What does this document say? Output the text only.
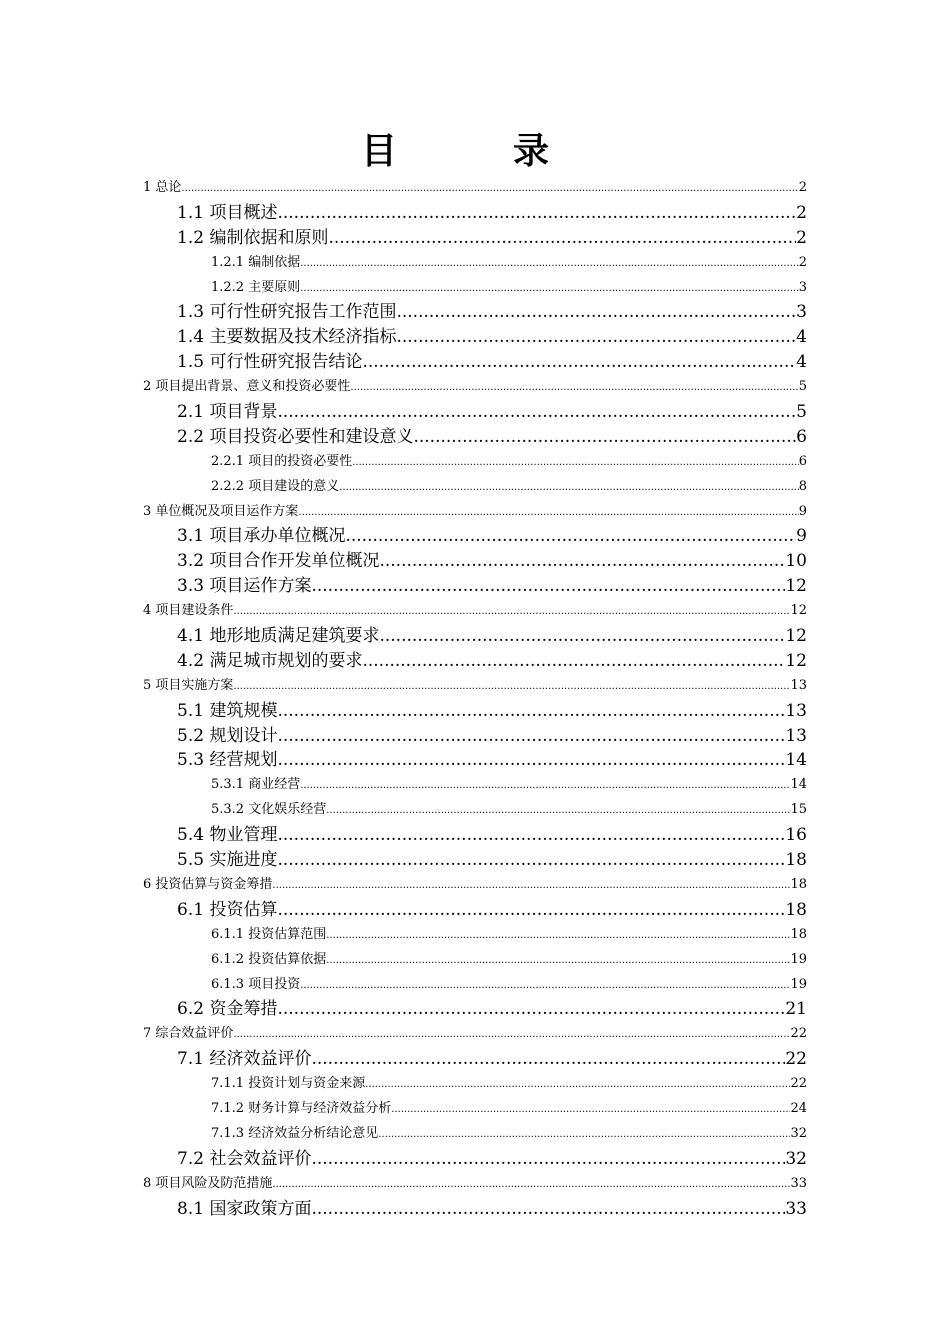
目　录
1 总论 .....	2
1.1 项目概述 .....	2
1.2 编制依据和原则 .....	2
1.2.1 编制依据 .....	2
1.2.2 主要原则 .....	3
1.3 可行性研究报告工作范围 .....	3
1.4 主要数据及技术经济指标 .....	4
1.5 可行性研究报告结论 .....	4
2 项目提出背景、意义和投资必要性 .....	5
2.1 项目背景 .....	5
2.2 项目投资必要性和建设意义 .....	6
2.2.1 项目的投资必要性 .....	6
2.2.2 项目建设的意义 .....	8
3 单位概况及项目运作方案 .....	9
3.1 项目承办单位概况 .....	9
3.2 项目合作开发单位概况 .....	10
3.3 项目运作方案 .....	12
4 项目建设条件 .....	12
4.1 地形地质满足建筑要求 .....	12
4.2 满足城市规划的要求 .....	12
5 项目实施方案 .....	13
5.1 建筑规模 .....	13
5.2 规划设计 .....	13
5.3 经营规划 .....	14
5.3.1 商业经营 .....	14
5.3.2 文化娱乐经营 .....	15
5.4 物业管理 .....	16
5.5 实施进度 .....	18
6 投资估算与资金筹措 .....	18
6.1 投资估算 .....	18
6.1.1 投资估算范围 .....	18
6.1.2 投资估算依据 .....	19
6.1.3 项目投资 .....	19
6.2 资金筹措 .....	21
7 综合效益评价 .....	22
7.1 经济效益评价 .....	22
7.1.1 投资计划与资金来源 .....	22
7.1.2 财务计算与经济效益分析 .....	24
7.1.3 经济效益分析结论意见 .....	32
7.2 社会效益评价 .....	32
8 项目风险及防范措施 .....	33
8.1 国家政策方面 .....	33
